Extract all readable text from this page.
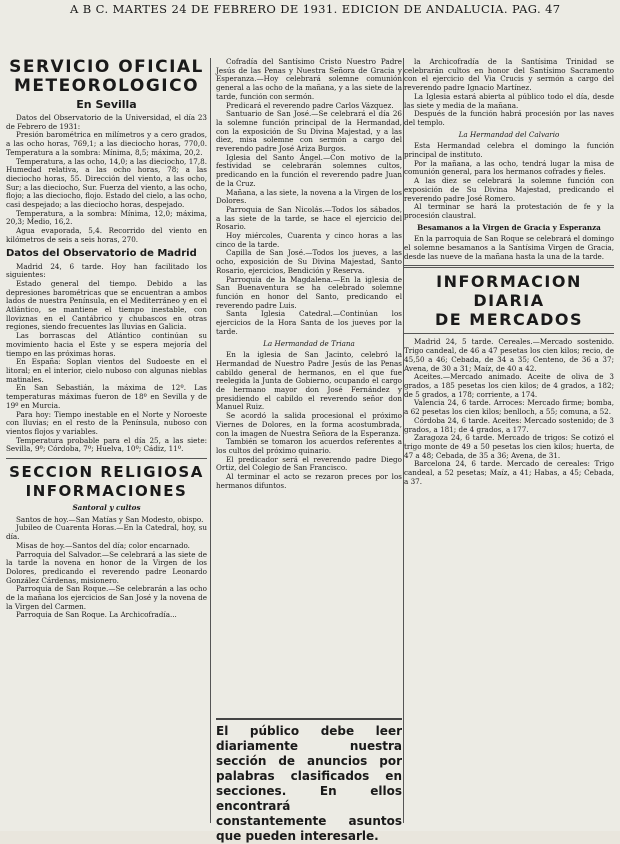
A B C. MARTES 24 DE FEBRERO DE 1931. EDICION DE ANDALUCIA. PAG. 47
SERVICIO OFICIAL
METEOROLOGICO
En Sevilla

Datos del Observatorio de la Universidad, el día 23 de Febrero de 1931:

Presión barométrica en milímetros y a cero grados, a las ocho horas, 769,1; a las dieciocho horas, 770,0. Temperatura a la sombra: Mínima, 8,5; máxima, 20,2.

Temperatura, a las ocho, 14,0; a las dieciocho, 17,8. Humedad relativa, a las ocho horas, 78; a las dieciocho horas, 55. Dirección del viento, a las ocho, Sur; a las dieciocho, Sur. Fuerza del viento, a las ocho, flojo; a las dieciocho, flojo. Estado del cielo, a las ocho, casi despejado; a las dieciocho horas, despejado.

Temperatura, a la sombra: Mínima, 12,0; máxima, 20,3; Medio, 16,2.

Agua evaporada, 5,4. Recorrido del viento en kilómetros de seis a seis horas, 270.

Datos del Observatorio de Madrid

Madrid 24, 6 tarde. Hoy han facilitado los siguientes:

Estado general del tiempo. Debido a las depresiones barométricas que se encuentran a ambos lados de nuestra Península, en el Mediterráneo y en el Atlántico, se mantiene el tiempo inestable, con lloviznas en el Cantábrico y chubascos en otras regiones, siendo frecuentes las lluvias en Galicia.

Las borrascas del Atlántico continúan su movimiento hacia el Este y se espera mejoría del tiempo en las próximas horas.

En España: Soplan vientos del Sudoeste en el litoral; en el interior, cielo nuboso con algunas nieblas matinales.

En San Sebastián, la máxima de 12º. Las temperaturas máximas fueron de 18º en Sevilla y de 19º en Murcia.

Para hoy: Tiempo inestable en el Norte y Noroeste con lluvias; en el resto de la Península, nuboso con vientos flojos y variables.

Temperatura probable para el día 25, a las siete: Sevilla, 9º; Córdoba, 7º; Huelva, 10º; Cádiz, 11º.

SECCION RELIGIOSA
INFORMACIONES
Santoral y cultos

Santos de hoy.—San Matías y San Modesto, obispo.

Jubileo de Cuarenta Horas.—En la Catedral, hoy, su día.

Misas de hoy.—Santos del día; color encarnado.

Parroquia del Salvador.—Se celebrará a las siete de la tarde la novena en honor de la Virgen de los Dolores, predicando el reverendo padre Leonardo González Cárdenas, misionero.

Parroquia de San Roque.—Se celebrarán a las ocho de la mañana los ejercicios de San José y la novena de la Virgen del Carmen.

Parroquia de San Roque. La Archicofradía...

Cofradía del Santísimo Cristo Nuestro Padre Jesús de las Penas y Nuestra Señora de Gracia y Esperanza.—Hoy celebrará solemne comunión general a las ocho de la mañana, y a las siete de la tarde, función con sermón.

Predicará el reverendo padre Carlos Vázquez.

Santuario de San José.—Se celebrará el día 26 la solemne función principal de la Hermandad, con la exposición de Su Divina Majestad, y a las diez, misa solemne con sermón a cargo del reverendo padre José Ariza Burgos.

Iglesia del Santo Ángel.—Con motivo de la festividad se celebrarán solemnes cultos, predicando en la función el reverendo padre Juan de la Cruz.

Mañana, a las siete, la novena a la Virgen de los Dolores.

Parroquia de San Nicolás.—Todos los sábados, a las siete de la tarde, se hace el ejercicio del Rosario.

Hoy miércoles, Cuarenta y cinco horas a las cinco de la tarde.

Capilla de San José.—Todos los jueves, a las ocho, exposición de Su Divina Majestad, Santo Rosario, ejercicios, Bendición y Reserva.

Parroquia de la Magdalena.—En la iglesia de San Buenaventura se ha celebrado solemne función en honor del Santo, predicando el reverendo padre Luis.

Santa Iglesia Catedral.—Continúan los ejercicios de la Hora Santa de los jueves por la tarde.

La Hermandad de Triana

En la iglesia de San Jacinto, celebró la Hermandad de Nuestro Padre Jesús de las Penas cabildo general de hermanos, en el que fue reelegida la Junta de Gobierno, ocupando el cargo de hermano mayor don José Fernández y presidiendo el cabildo el reverendo señor don Manuel Ruiz.

Se acordó la salida procesional el próximo Viernes de Dolores, en la forma acostumbrada, con la imagen de Nuestra Señora de la Esperanza.

También se tomaron los acuerdos referentes a los cultos del próximo quinario.

El predicador será el reverendo padre Diego Ortiz, del Colegio de San Francisco.

Al terminar el acto se rezaron preces por los hermanos difuntos.

El público debe leer diariamente nuestra sección de anuncios por palabras clasificados en secciones. En ellos encontrará constantemente asuntos que pueden interesarle.

la Archicofradía de la Santísima Trinidad se celebrarán cultos en honor del Santísimo Sacramento con el ejercicio del Via Crucis y sermón a cargo del reverendo padre Ignacio Martínez.

La Iglesia estará abierta al público todo el día, desde las siete y media de la mañana.

Después de la función habrá procesión por las naves del templo.

La Hermandad del Calvario

Esta Hermandad celebra el domingo la función principal de instituto.

Por la mañana, a las ocho, tendrá lugar la misa de comunión general, para los hermanos cofrades y fieles.

A las diez se celebrará la solemne función con exposición de Su Divina Majestad, predicando el reverendo padre José Romero.

Al terminar se hará la protestación de fe y la procesión claustral.

Besamanos a la Virgen de Gracia y Esperanza

En la parroquia de San Roque se celebrará el domingo el solemne besamanos a la Santísima Virgen de Gracia, desde las nueve de la mañana hasta la una de la tarde.

INFORMACION DIARIA
DE MERCADOS

Madrid 24, 5 tarde. Cereales.—Mercado sostenido. Trigo candeal, de 46 a 47 pesetas los cien kilos; recio, de 45,50 a 46; Cebada, de 34 a 35; Centeno, de 36 a 37; Avena, de 30 a 31; Maíz, de 40 a 42.

Aceites.—Mercado animado. Aceite de oliva de 3 grados, a 185 pesetas los cien kilos; de 4 grados, a 182; de 5 grados, a 178; corriente, a 174.

Valencia 24, 6 tarde. Arroces: Mercado firme; bomba, a 62 pesetas los cien kilos; benlloch, a 55; comuna, a 52.

Córdoba 24, 6 tarde. Aceites: Mercado sostenido; de 3 grados, a 181; de 4 grados, a 177.

Zaragoza 24, 6 tarde. Mercado de trigos: Se cotizó el trigo monte de 49 a 50 pesetas los cien kilos; huerta, de 47 a 48; Cebada, de 35 a 36; Avena, de 31.

Barcelona 24, 6 tarde. Mercado de cereales: Trigo candeal, a 52 pesetas; Maíz, a 41; Habas, a 45; Cebada, a 37.
